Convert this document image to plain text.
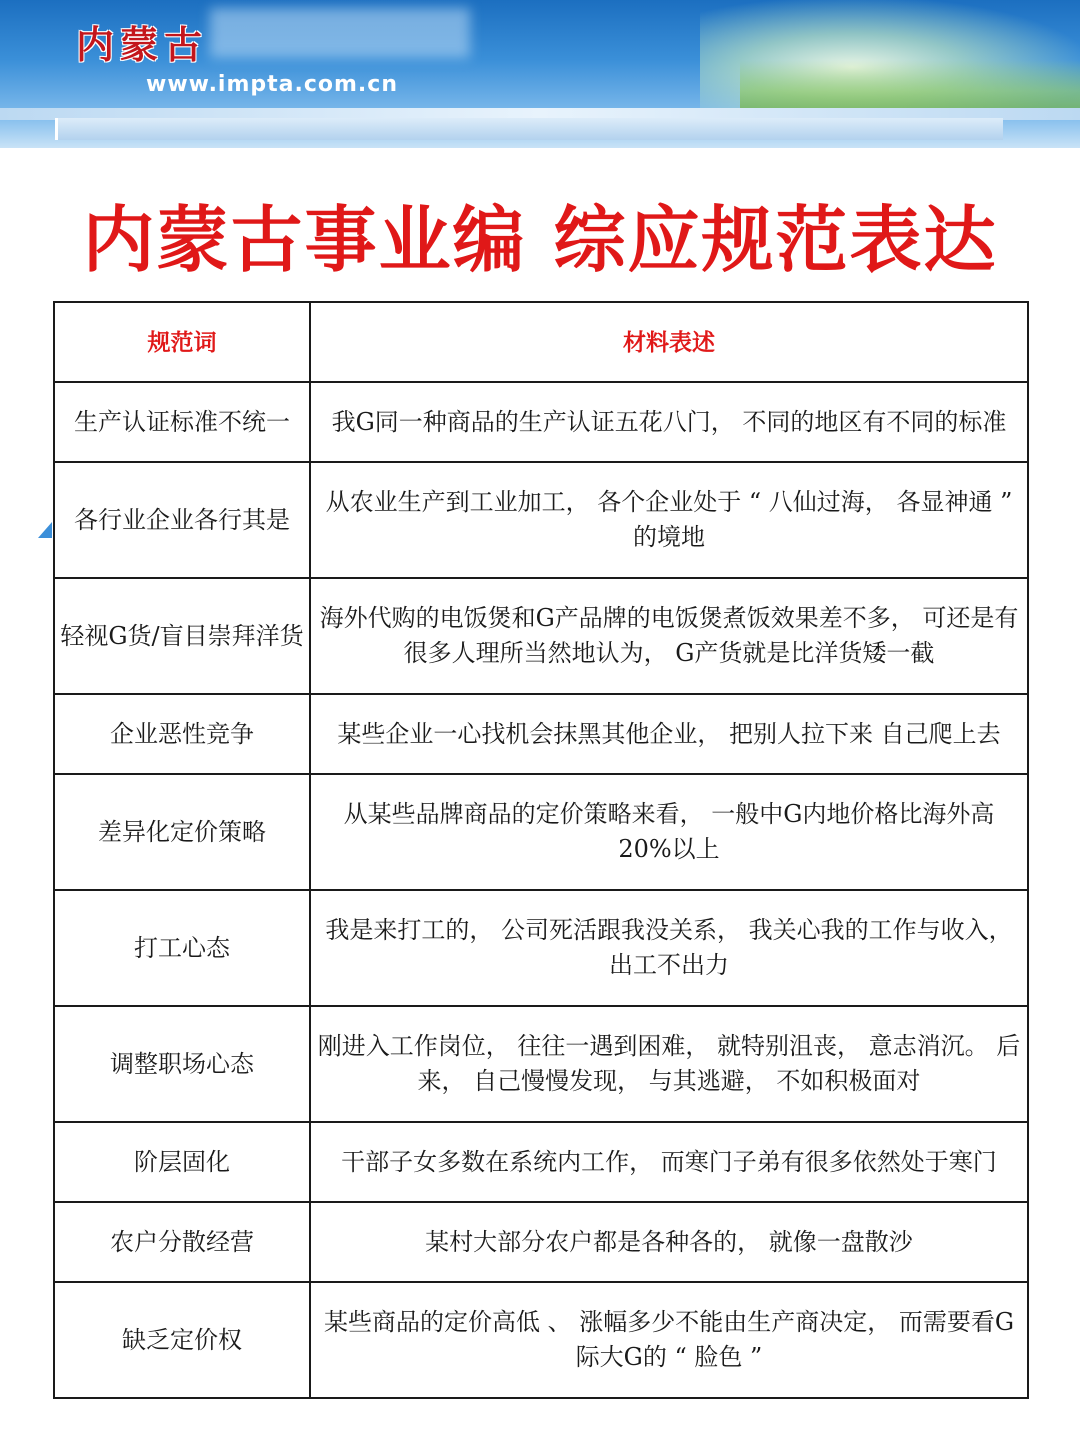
内蒙古
www.impta.com.cn
内蒙古事业编 综应规范表达
规范词	材料表述
生产认证标准不统一	我G同一种商品的生产认证五花八门， 不同的地区有不同的标准
各行业企业各行其是	从农业生产到工业加工， 各个企业处于 “ 八仙过海， 各显神通 ” 的境地
轻视G货/盲目崇拜洋货	海外代购的电饭煲和G产品牌的电饭煲煮饭效果差不多， 可还是有很多人理所当然地认为， G产货就是比洋货矮一截
企业恶性竞争	某些企业一心找机会抹黑其他企业， 把别人拉下来 自己爬上去
差异化定价策略	从某些品牌商品的定价策略来看， 一般中G内地价格比海外高 20%以上
打工心态	我是来打工的， 公司死活跟我没关系， 我关心我的工作与收入， 出工不出力
调整职场心态	刚进入工作岗位， 往往一遇到困难， 就特别沮丧， 意志消沉。 后来， 自己慢慢发现， 与其逃避， 不如积极面对
阶层固化	干部子女多数在系统内工作， 而寒门子弟有很多依然处于寒门
农户分散经营	某村大部分农户都是各种各的， 就像一盘散沙
缺乏定价权	某些商品的定价高低 、 涨幅多少不能由生产商决定， 而需要看G际大G的 “ 脸色 ”
